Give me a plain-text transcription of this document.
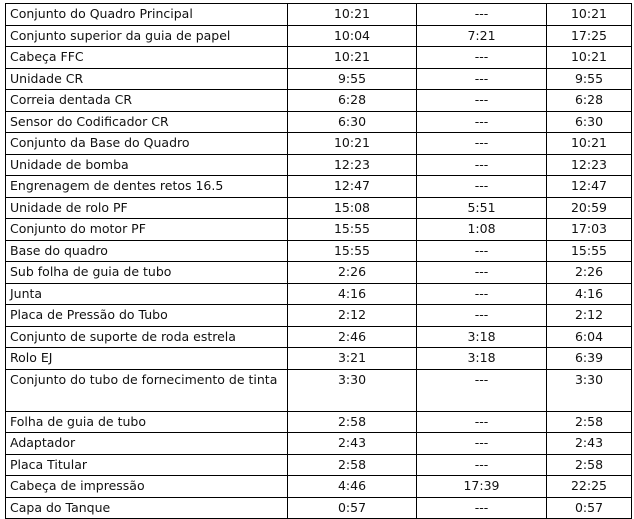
Conjunto do Quadro Principal	10:21	---	10:21
Conjunto superior da guia de papel	10:04	7:21	17:25
Cabeça FFC	10:21	---	10:21
Unidade CR	9:55	---	9:55
Correia dentada CR	6:28	---	6:28
Sensor do Codificador CR	6:30	---	6:30
Conjunto da Base do Quadro	10:21	---	10:21
Unidade de bomba	12:23	---	12:23
Engrenagem de dentes retos 16.5	12:47	---	12:47
Unidade de rolo PF	15:08	5:51	20:59
Conjunto do motor PF	15:55	1:08	17:03
Base do quadro	15:55	---	15:55
Sub folha de guia de tubo	2:26	---	2:26
Junta	4:16	---	4:16
Placa de Pressão do Tubo	2:12	---	2:12
Conjunto de suporte de roda estrela	2:46	3:18	6:04
Rolo EJ	3:21	3:18	6:39
Conjunto do tubo de fornecimento de tinta	3:30	---	3:30
Folha de guia de tubo	2:58	---	2:58
Adaptador	2:43	---	2:43
Placa Titular	2:58	---	2:58
Cabeça de impressão	4:46	17:39	22:25
Capa do Tanque	0:57	---	0:57
